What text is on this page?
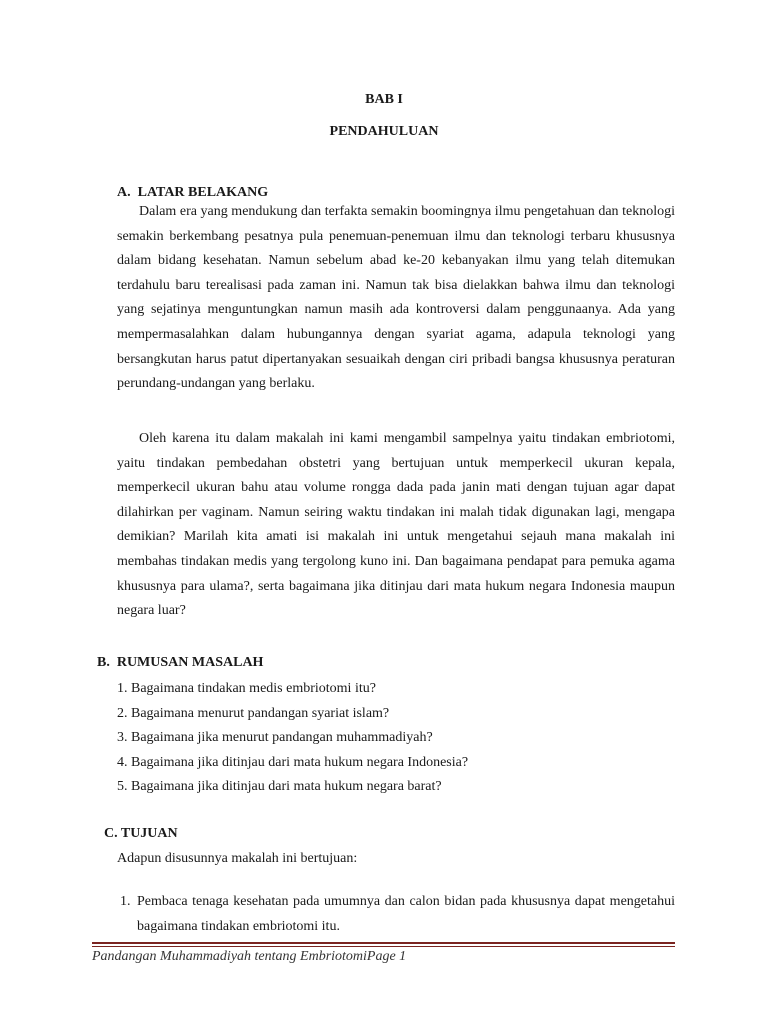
BAB I
PENDAHULUAN
A.  LATAR BELAKANG

Dalam era yang mendukung dan terfakta semakin boomingnya ilmu pengetahuan dan teknologi semakin berkembang pesatnya pula penemuan-penemuan ilmu dan teknologi terbaru khususnya dalam bidang kesehatan. Namun sebelum abad ke-20 kebanyakan ilmu yang telah ditemukan terdahulu baru terealisasi pada zaman ini. Namun tak bisa dielakkan bahwa ilmu dan teknologi yang sejatinya menguntungkan namun masih ada kontroversi dalam penggunaanya. Ada yang mempermasalahkan dalam hubungannya dengan syariat agama, adapula teknologi yang bersangkutan harus patut dipertanyakan sesuaikah dengan ciri pribadi bangsa khususnya peraturan perundang-undangan yang berlaku.

Oleh karena itu dalam makalah ini kami mengambil sampelnya yaitu tindakan embriotomi, yaitu tindakan pembedahan obstetri yang bertujuan untuk memperkecil ukuran kepala, memperkecil ukuran bahu atau volume rongga dada pada janin mati dengan tujuan agar dapat dilahirkan per vaginam. Namun seiring waktu tindakan ini malah tidak digunakan lagi, mengapa demikian? Marilah kita amati isi makalah ini untuk mengetahui sejauh mana makalah ini membahas tindakan medis yang tergolong kuno ini. Dan bagaimana pendapat para pemuka agama khususnya para ulama?, serta bagaimana jika ditinjau dari mata hukum negara Indonesia maupun negara luar?

B.  RUMUSAN MASALAH
1. Bagaimana tindakan medis embriotomi itu?
2. Bagaimana menurut pandangan syariat islam?
3. Bagaimana jika menurut pandangan muhammadiyah?
4. Bagaimana jika ditinjau dari mata hukum negara Indonesia?
5. Bagaimana jika ditinjau dari mata hukum negara barat?
C. TUJUAN
Adapun disusunnya makalah ini bertujuan:
1. Pembaca tenaga kesehatan pada umumnya dan calon bidan pada khususnya dapat mengetahui bagaimana tindakan embriotomi itu.
Pandangan Muhammadiyah tentang EmbriotomiPage 1
